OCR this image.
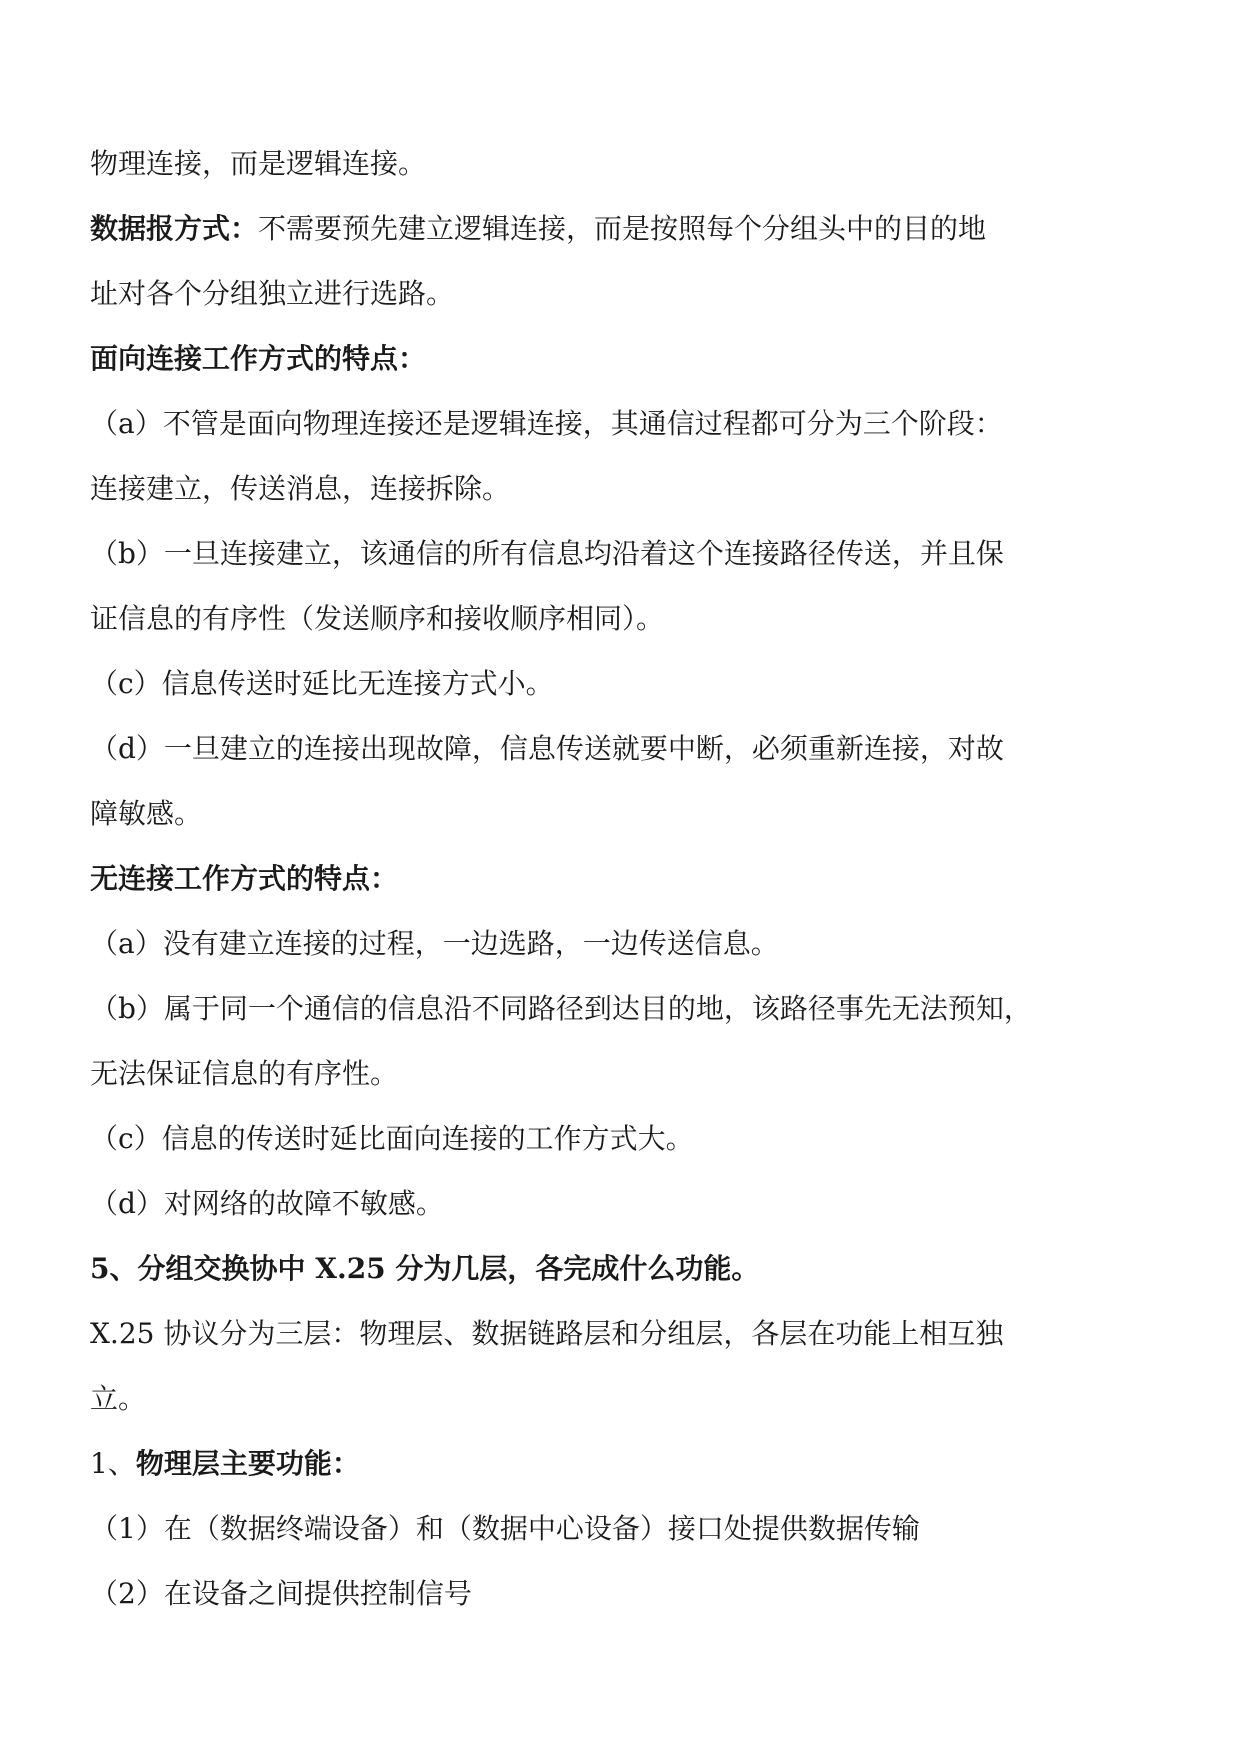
物理连接，而是逻辑连接。
数据报方式：不需要预先建立逻辑连接，而是按照每个分组头中的目的地
址对各个分组独立进行选路。
面向连接工作方式的特点：
（a）不管是面向物理连接还是逻辑连接，其通信过程都可分为三个阶段：
连接建立，传送消息，连接拆除。
（b）一旦连接建立，该通信的所有信息均沿着这个连接路径传送，并且保
证信息的有序性（发送顺序和接收顺序相同）。
（c）信息传送时延比无连接方式小。
（d）一旦建立的连接出现故障，信息传送就要中断，必须重新连接，对故
障敏感。
无连接工作方式的特点：
（a）没有建立连接的过程，一边选路，一边传送信息。
（b）属于同一个通信的信息沿不同路径到达目的地，该路径事先无法预知，
无法保证信息的有序性。
（c）信息的传送时延比面向连接的工作方式大。
（d）对网络的故障不敏感。
5、分组交换协中 X.25 分为几层，各完成什么功能。
X.25 协议分为三层：物理层、数据链路层和分组层，各层在功能上相互独
立。
1、物理层主要功能：
（1）在（数据终端设备）和（数据中心设备）接口处提供数据传输
（2）在设备之间提供控制信号
